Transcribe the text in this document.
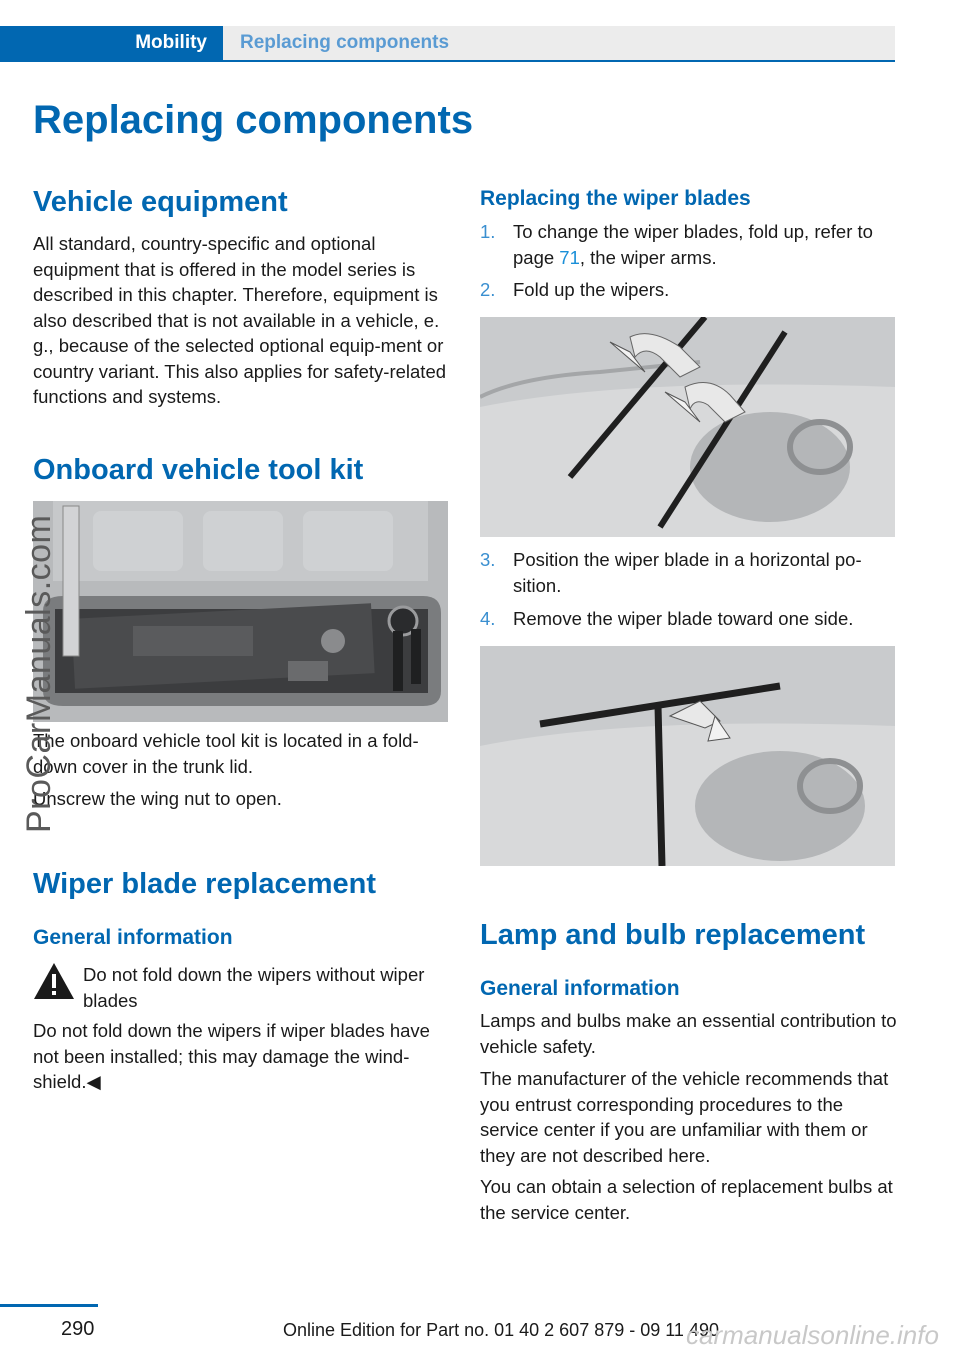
Mobility Replacing components
Replacing components
Vehicle equipment

All standard, country-specific and optional equipment that is offered in the model series is described in this chapter. Therefore, equipment is also described that is not available in a vehicle, e. g., because of the selected optional equip-ment or country variant. This also applies for safety-related functions and systems.

Onboard vehicle tool kit

The onboard vehicle tool kit is located in a fold-down cover in the trunk lid.

Unscrew the wing nut to open.

Wiper blade replacement
General information

Do not fold down the wipers without wiper blades

Do not fold down the wipers if wiper blades have not been installed; this may damage the wind-shield.◀

Replacing the wiper blades
1. To change the wiper blades, fold up, refer to page 71, the wiper arms.
2. Fold up the wipers.
3. Position the wiper blade in a horizontal po-sition.
4. Remove the wiper blade toward one side.
Lamp and bulb replacement
General information

Lamps and bulbs make an essential contribution to vehicle safety.

The manufacturer of the vehicle recommends that you entrust corresponding procedures to the service center if you are unfamiliar with them or they are not described here.

You can obtain a selection of replacement bulbs at the service center.

ProCarManuals.com
290	Online Edition for Part no. 01 40 2 607 879 - 09 11 490
carmanualsonline.info
